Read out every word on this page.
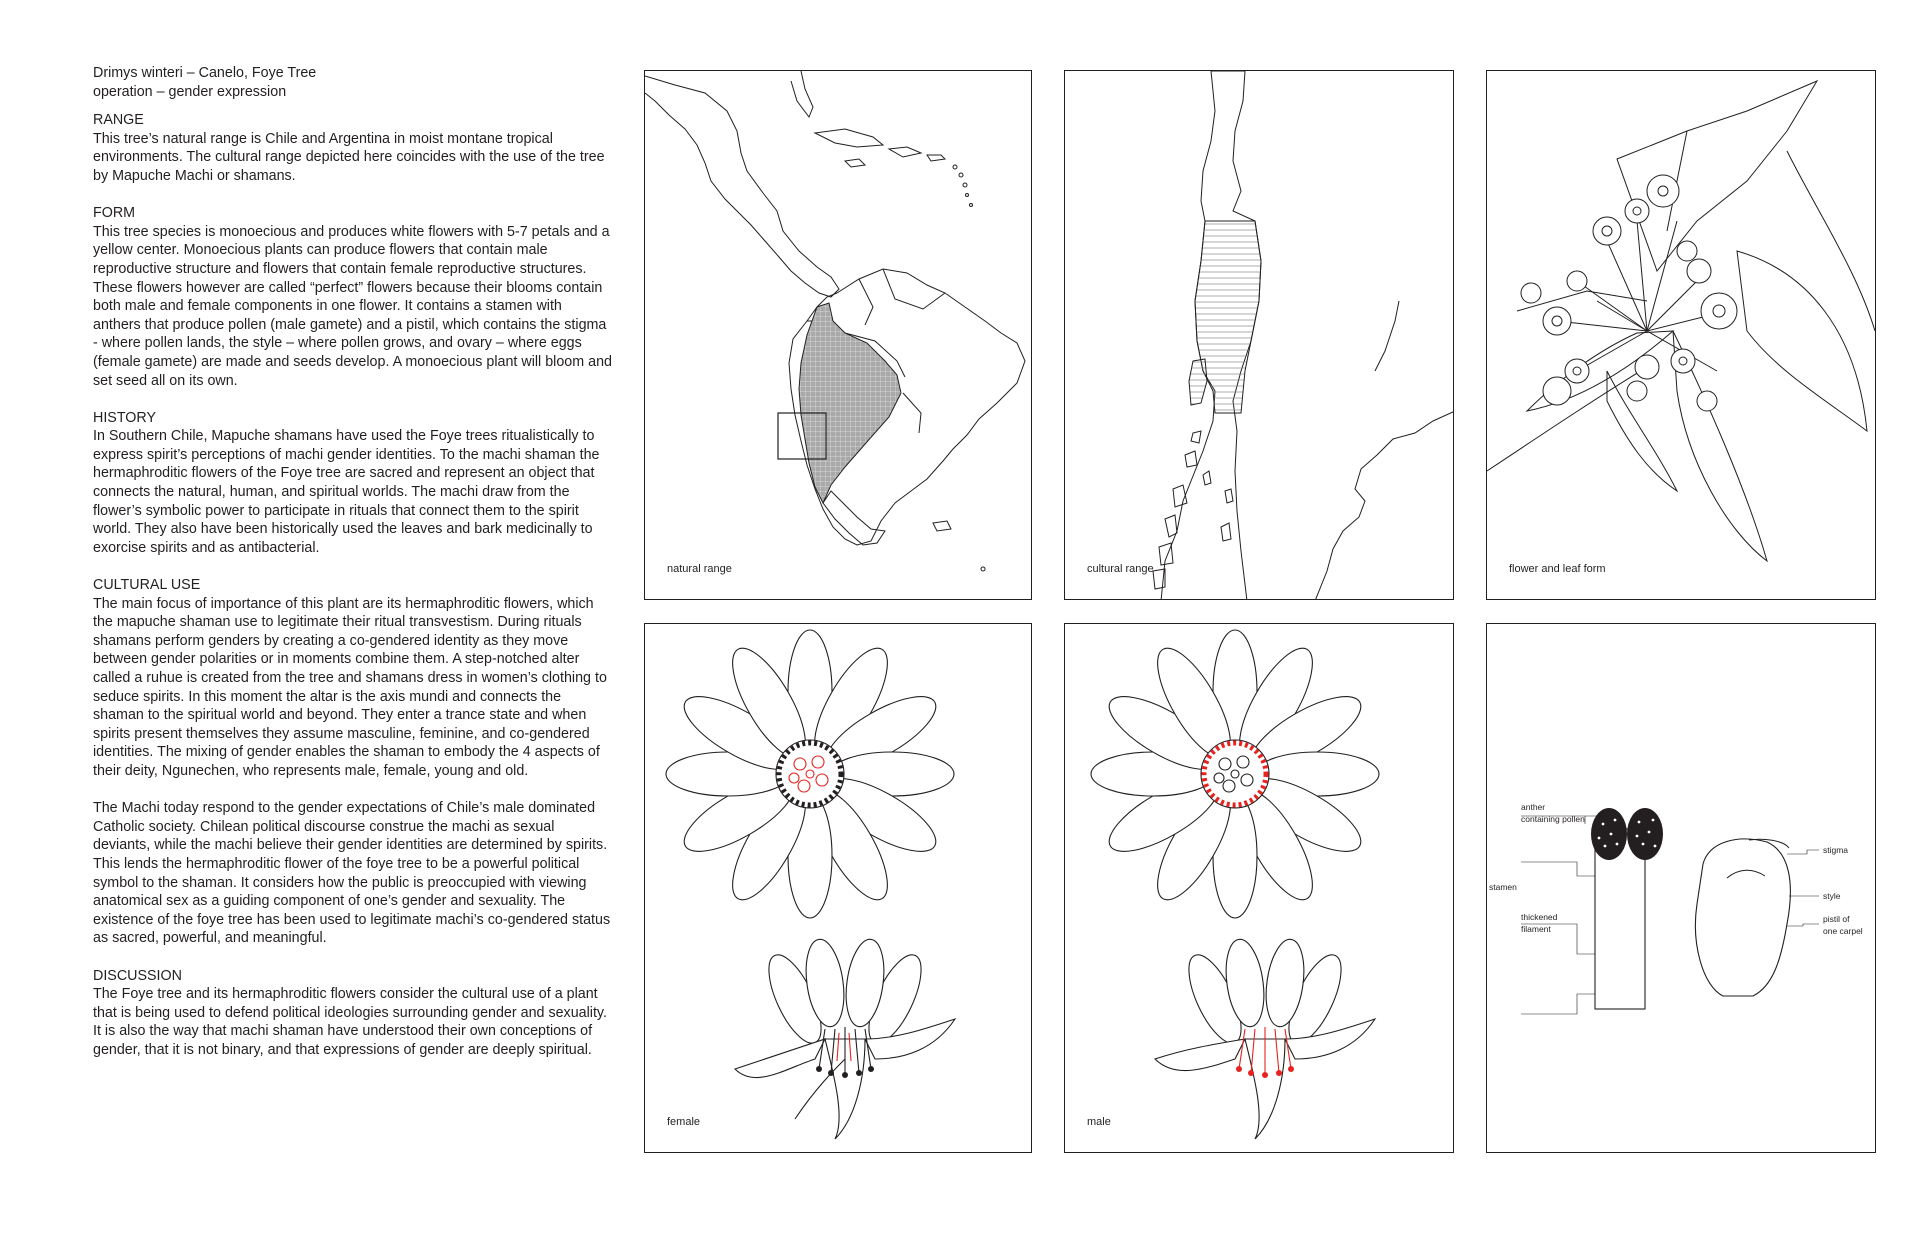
Drimys winteri – Canelo, Foye Tree

operation – gender expression

RANGE

This tree’s natural range is Chile and Argentina in moist montane tropical environments. The cultural range depicted here coincides with the use of the tree by Mapuche Machi or shamans.

FORM

This tree species is monoecious and produces white flowers with 5-7 petals and a yellow center. Monoecious plants can produce flowers that contain male reproductive structure and flowers that contain female reproductive structures. These flowers however are called “perfect” flowers because their blooms contain both male and female components in one flower. It contains a stamen with anthers that produce pollen (male gamete) and a pistil, which contains the stigma - where pollen lands, the style – where pollen grows, and ovary – where eggs (female gamete) are made and seeds develop. A monoecious plant will bloom and set seed all on its own.

HISTORY

In Southern Chile, Mapuche shamans have used the Foye trees ritualistically to express spirit’s perceptions of machi gender identities. To the machi shaman the hermaphroditic flowers of the Foye tree are sacred and represent an object that connects the natural, human, and spiritual worlds. The machi draw from the flower’s symbolic power to participate in rituals that connect them to the spirit world. They also have been historically used the leaves and bark medicinally to exorcise spirits and as antibacterial.

CULTURAL USE

The main focus of importance of this plant are its hermaphroditic flowers, which the mapuche shaman use to legitimate their ritual transvestism. During rituals shamans perform genders by creating a co-gendered identity as they move between gender polarities or in moments combine them. A step-notched alter called a ruhue is created from the tree and shamans dress in women’s clothing to seduce spirits. In this moment the altar is the axis mundi and connects the shaman to the spiritual world and beyond. They enter a trance state and when spirits present themselves they assume masculine, feminine, and co-gendered identities. The mixing of gender enables the shaman to embody the 4 aspects of their deity, Ngunechen, who represents male, female, young and old.

The Machi today respond to the gender expectations of Chile’s male dominated Catholic society. Chilean political discourse construe the machi as sexual deviants, while the machi believe their gender identities are determined by spirits. This lends the hermaphroditic flower of the foye tree to be a powerful political symbol to the shaman. It considers how the public is preoccupied with viewing anatomical sex as a guiding component of one’s gender and sexuality. The existence of the foye tree has been used to legitimate machi’s co-gendered status as sacred, powerful, and meaningful.

DISCUSSION

The Foye tree and its hermaphroditic flowers consider the cultural use of a plant that is being used to defend political ideologies surrounding gender and sexuality. It is also the way that machi shaman have understood their own conceptions of gender, that it is not binary, and that expressions of gender are deeply spiritual.

natural range	cultural range	flower and leaf form
female	male
anther
containing pollen
stamen
thickened
filament
stigma
style
pistil of
one carpel
